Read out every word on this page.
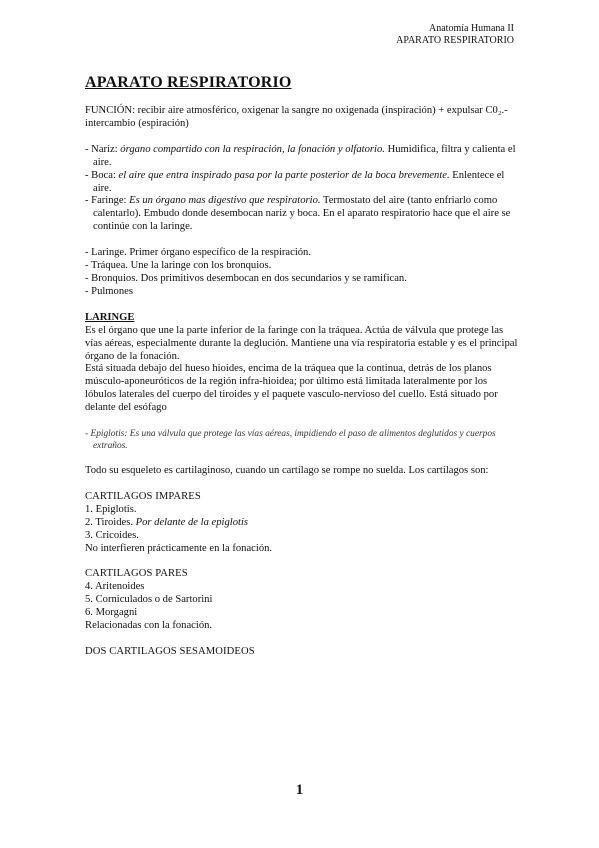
Anatomía Humana II
APARATO RESPIRATORIO
APARATO RESPIRATORIO

FUNCIÓN: recibir aire atmosférico, oxigenar la sangre no oxigenada (inspiración) + expulsar C0₂.- intercambio (espiración)

- Nariz: órgano compartido con la respiración, la fonación y olfatorio. Humidifica, filtra y calienta el aire.

- Boca: el aire que entra inspirado pasa por la parte posterior de la boca brevemente. Enlentece el aire.

- Faringe: Es un órgano mas digestivo que respiratorio. Termostato del aire (tanto enfriarlo como calentarlo). Embudo donde desembocan nariz y boca. En el aparato respiratorio hace que el aire se continúe con la laringe.

- Laringe. Primer órgano específico de la respiración.

- Tráquea. Une la laringe con los bronquios.

- Bronquios. Dos primitivos desembocan en dos secundarios y se ramifican.

- Pulmones

LARINGE

Es el órgano que une la parte inferior de la faringe con la tráquea. Actúa de válvula que protege las vías aéreas, especialmente durante la deglución. Mantiene una vía respiratoria estable y es el principal órgano de la fonación.

Está situada debajo del hueso hioides, encima de la tráquea que la continua, detrás de los planos músculo-aponeuróticos de la región infra-hioidea; por último está limitada lateralmente por los lóbulos laterales del cuerpo del tiroides y el paquete vasculo-nervioso del cuello. Está situado por delante del esófago

- Epiglotis: Es una válvula que protege las vías aéreas, impidiendo el paso de alimentos deglutidos y cuerpos extraños.

Todo su esqueleto es cartilaginoso, cuando un cartílago se rompe no suelda. Los cartílagos son:

CARTILAGOS IMPARES

1. Epiglotis.

2. Tiroides. Por delante de la epiglotis

3. Cricoides.

No interfieren prácticamente en la fonación.

CARTILAGOS PARES

4. Aritenoides

5. Corniculados o de Sartorini

6. Morgagni

Relacionadas con la fonación.

DOS CARTILAGOS SESAMOIDEOS

1
